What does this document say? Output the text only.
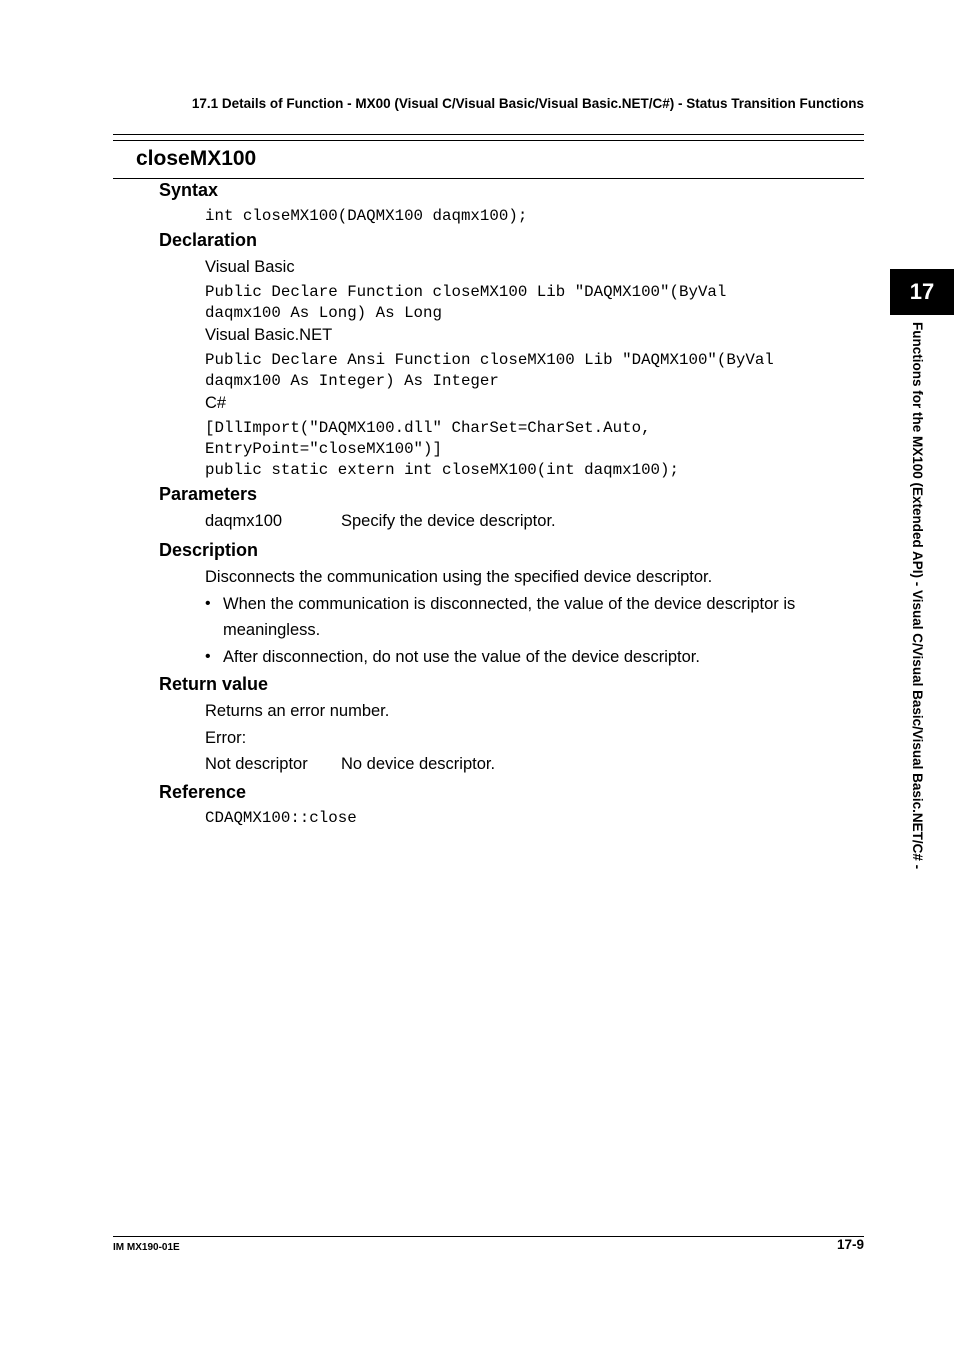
17.1 Details of Function - MX00 (Visual C/Visual Basic/Visual Basic.NET/C#) - Status Transition Functions
closeMX100
Syntax
int closeMX100(DAQMX100 daqmx100);
Declaration
Visual Basic
Public Declare Function closeMX100 Lib "DAQMX100"(ByVal
daqmx100 As Long) As Long
Visual Basic.NET
Public Declare Ansi Function closeMX100 Lib "DAQMX100"(ByVal
daqmx100 As Integer) As Integer
C#
[DllImport("DAQMX100.dll" CharSet=CharSet.Auto,
EntryPoint="closeMX100")]
public static extern int closeMX100(int daqmx100);
Parameters
daqmx100	Specify the device descriptor.
Description
Disconnects the communication using the specified device descriptor.
• When the communication is disconnected, the value of the device descriptor is meaningless.
• After disconnection, do not use the value of the device descriptor.
Return value
Returns an error number.
Error:
Not descriptor No device descriptor.
Reference
CDAQMX100::close
17
Functions for the MX100 (Extended API) - Visual C/Visual Basic/Visual Basic.NET/C# -
IM MX190-01E	17-9
